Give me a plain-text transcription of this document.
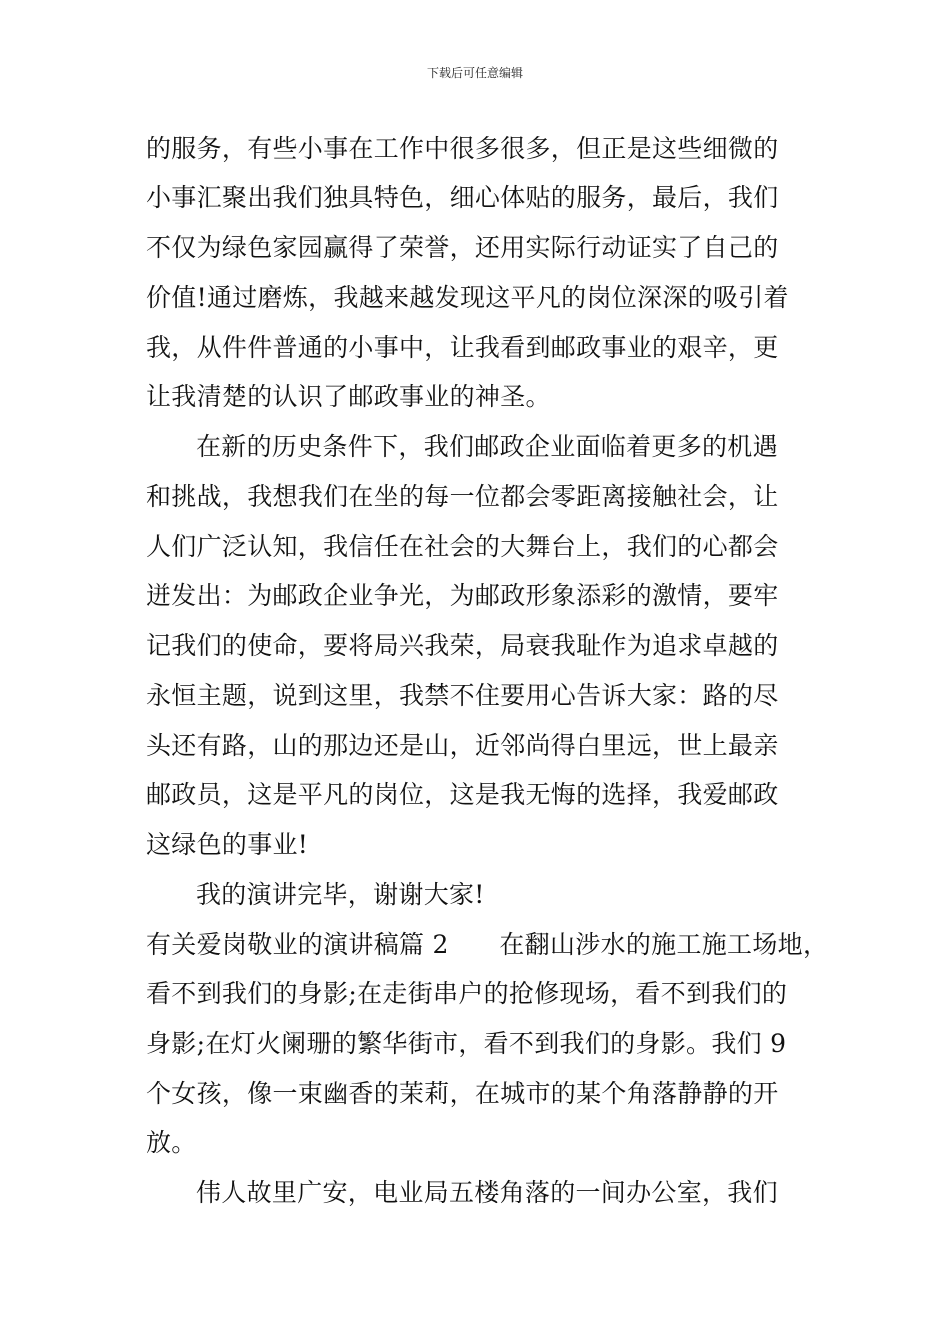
下载后可任意编辑
的服务，有些小事在工作中很多很多，但正是这些细微的
小事汇聚出我们独具特色，细心体贴的服务，最后，我们
不仅为绿色家园赢得了荣誉，还用实际行动证实了自己的
价值!通过磨炼，我越来越发现这平凡的岗位深深的吸引着
我，从件件普通的小事中，让我看到邮政事业的艰辛，更
让我清楚的认识了邮政事业的神圣。
在新的历史条件下，我们邮政企业面临着更多的机遇
和挑战，我想我们在坐的每一位都会零距离接触社会，让
人们广泛认知，我信任在社会的大舞台上，我们的心都会
迸发出：为邮政企业争光，为邮政形象添彩的激情，要牢
记我们的使命，要将局兴我荣，局衰我耻作为追求卓越的
永恒主题，说到这里，我禁不住要用心告诉大家：路的尽
头还有路，山的那边还是山，近邻尚得白里远，世上最亲
邮政员，这是平凡的岗位，这是我无悔的选择，我爱邮政
这绿色的事业!
我的演讲完毕，谢谢大家!
有关爱岗敬业的演讲稿篇 2　　在翻山涉水的施工施工场地，
看不到我们的身影;在走街串户的抢修现场，看不到我们的
身影;在灯火阑珊的繁华街市，看不到我们的身影。我们 9
个女孩，像一束幽香的茉莉，在城市的某个角落静静的开
放。
伟人故里广安，电业局五楼角落的一间办公室，我们
